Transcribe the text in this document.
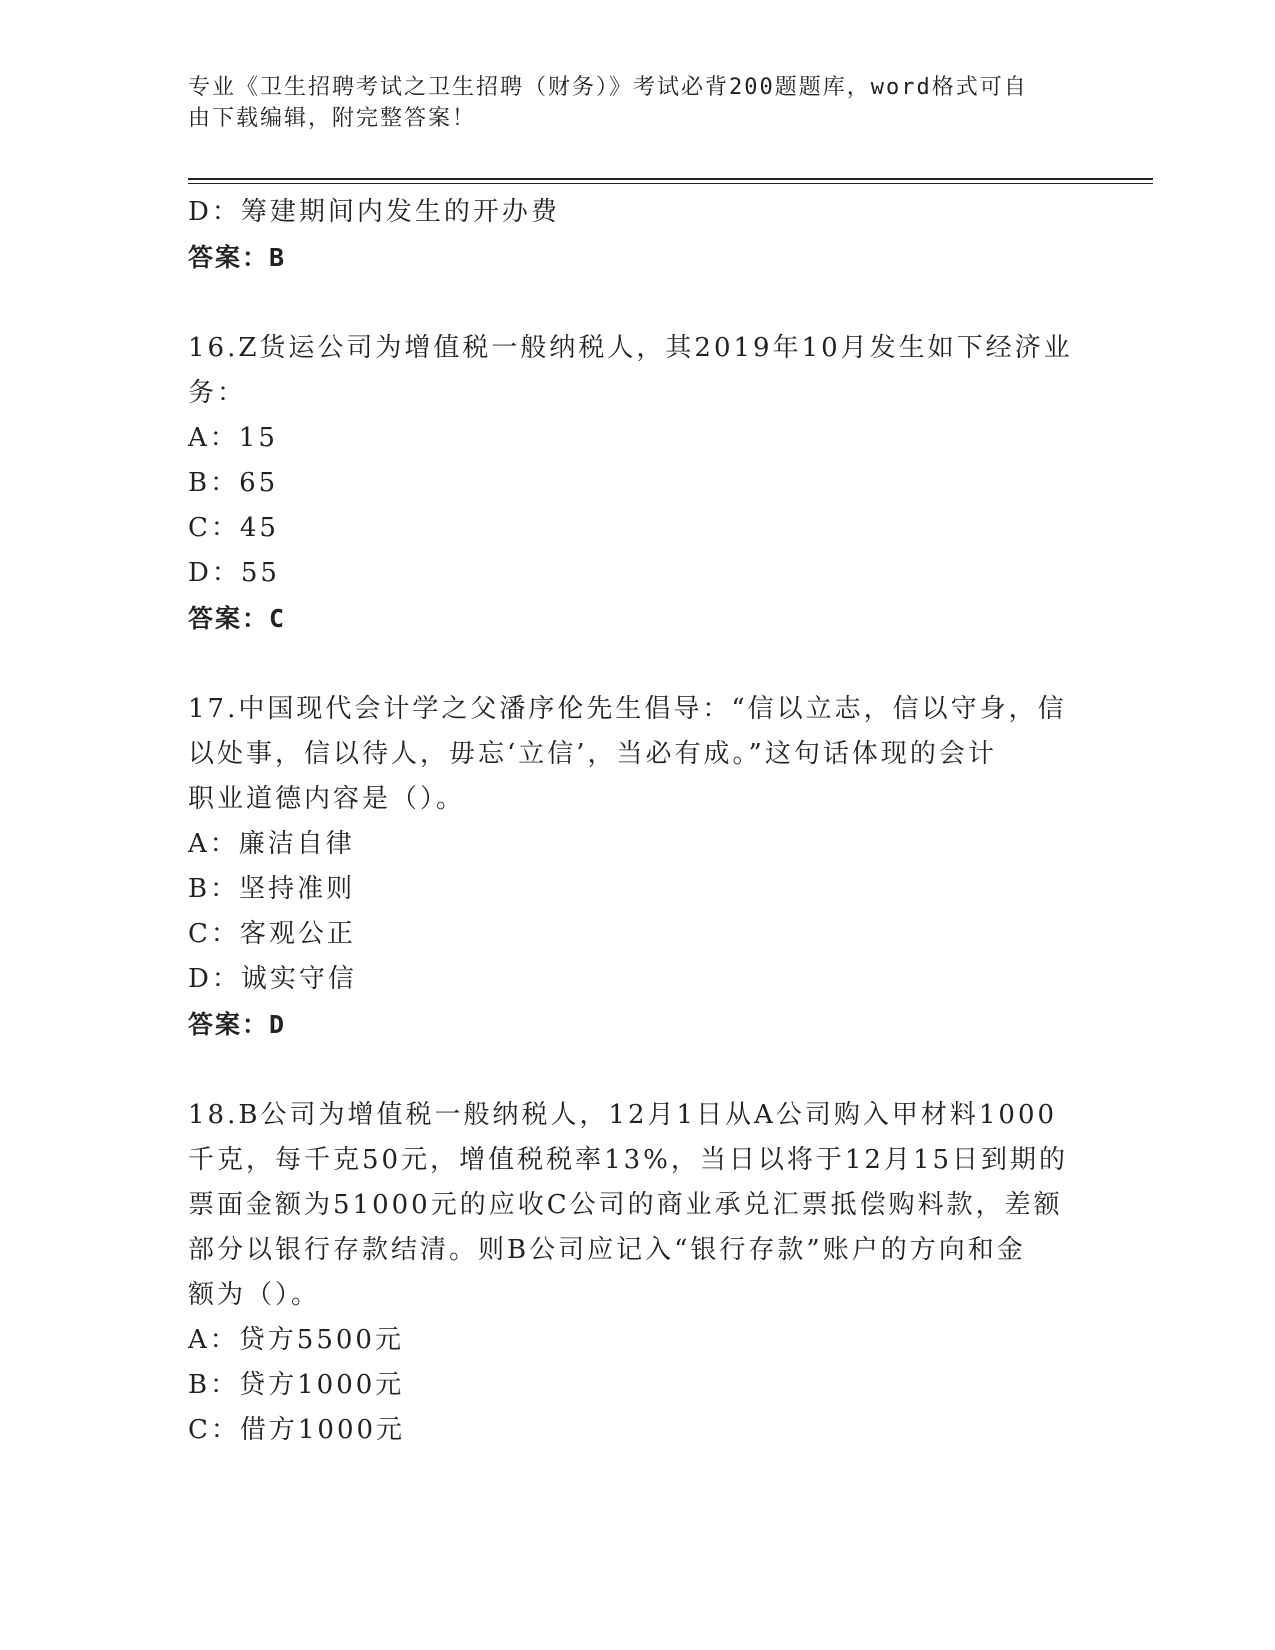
专业《卫生招聘考试之卫生招聘（财务）》考试必背200题题库，word格式可自
由下载编辑，附完整答案！
D：筹建期间内发生的开办费
答案：B
16.Z货运公司为增值税一般纳税人，其2019年10月发生如下经济业
务：
A：15
B：65
C：45
D：55
答案：C
17.中国现代会计学之父潘序伦先生倡导：“信以立志，信以守身，信
以处事，信以待人，毋忘‘立信’，当必有成。”这句话体现的会计
职业道德内容是（）。
A：廉洁自律
B：坚持准则
C：客观公正
D：诚实守信
答案：D
18.B公司为增值税一般纳税人，12月1日从A公司购入甲材料1000
千克，每千克50元，增值税税率13%，当日以将于12月15日到期的
票面金额为51000元的应收C公司的商业承兑汇票抵偿购料款，差额
部分以银行存款结清。则B公司应记入“银行存款”账户的方向和金
额为（）。
A：贷方5500元
B：贷方1000元
C：借方1000元
